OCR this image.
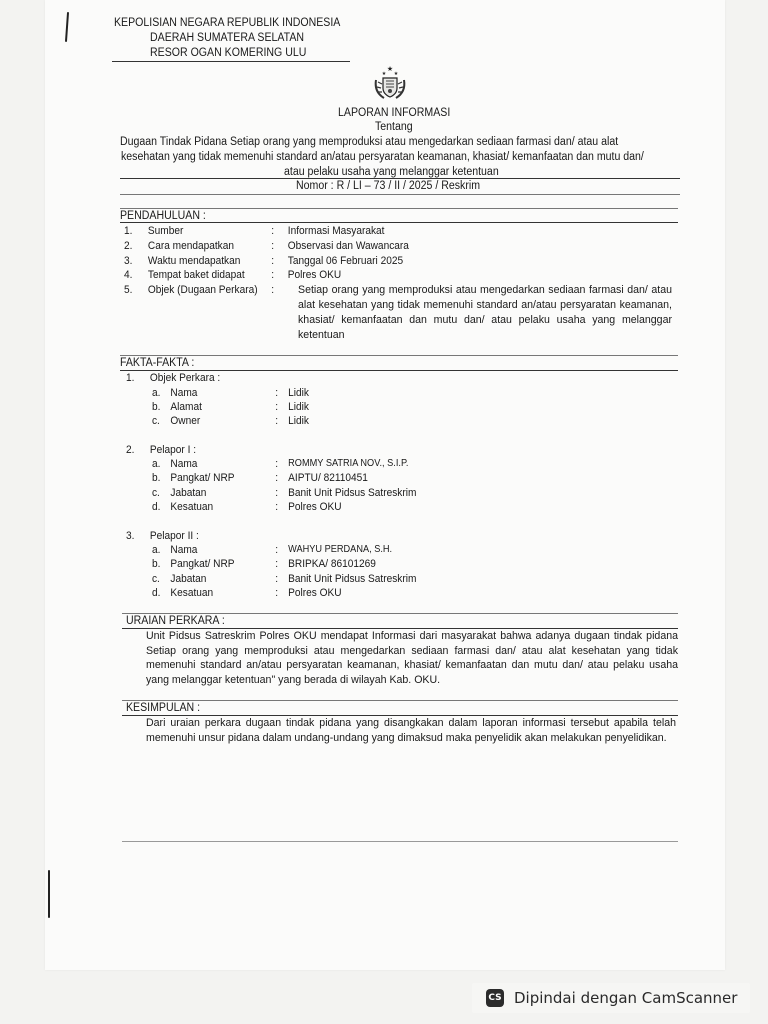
KEPOLISIAN NEGARA REPUBLIK INDONESIA
DAERAH SUMATERA SELATAN
RESOR OGAN KOMERING ULU
★
★ ★
LAPORAN INFORMASI
Tentang
Dugaan Tindak Pidana Setiap orang yang memproduksi atau mengedarkan sediaan farmasi dan/ atau alat
kesehatan yang tidak memenuhi standard an/atau persyaratan keamanan, khasiat/ kemanfaatan dan mutu dan/
atau pelaku usaha yang melanggar ketentuan
Nomor : R / LI – 73 / II / 2025 / Reskrim
PENDAHULUAN :
1. Sumber	: Informasi Masyarakat
2. Cara mendapatkan	: Observasi dan Wawancara
3. Waktu mendapatkan	: Tanggal 06 Februari 2025
4. Tempat baket didapat : Polres OKU
5. Objek (Dugaan Perkara) : Setiap orang yang memproduksi atau mengedarkan sediaan farmasi dan/ atau alat kesehatan yang tidak memenuhi standard an/atau persyaratan keamanan, khasiat/ kemanfaatan dan mutu dan/ atau pelaku usaha yang melanggar ketentuan
FAKTA-FAKTA :
1. Objek Perkara :
a. Nama	: Lidik
b. Alamat	: Lidik
c. Owner	: Lidik
2. Pelapor I :
a. Nama	: ROMMY SATRIA NOV., S.I.P.
b. Pangkat/ NRP	: AIPTU/ 82110451
c. Jabatan	: Banit Unit Pidsus Satreskrim
d. Kesatuan	: Polres OKU
3. Pelapor II :
a. Nama	: WAHYU PERDANA, S.H.
b. Pangkat/ NRP	: BRIPKA/ 86101269
c. Jabatan	: Banit Unit Pidsus Satreskrim
d. Kesatuan	: Polres OKU
URAIAN PERKARA :
Unit Pidsus Satreskrim Polres OKU mendapat Informasi dari masyarakat bahwa adanya dugaan tindak pidana Setiap orang yang memproduksi atau mengedarkan sediaan farmasi dan/ atau alat kesehatan yang tidak memenuhi standard an/atau persyaratan keamanan, khasiat/ kemanfaatan dan mutu dan/ atau pelaku usaha yang melanggar ketentuan" yang berada di wilayah Kab. OKU.
KESIMPULAN :
Dari uraian perkara dugaan tindak pidana yang disangkakan dalam laporan informasi tersebut apabila telah memenuhi unsur pidana dalam undang-undang yang dimaksud maka penyelidik akan melakukan penyelidikan.
CS Dipindai dengan CamScanner
